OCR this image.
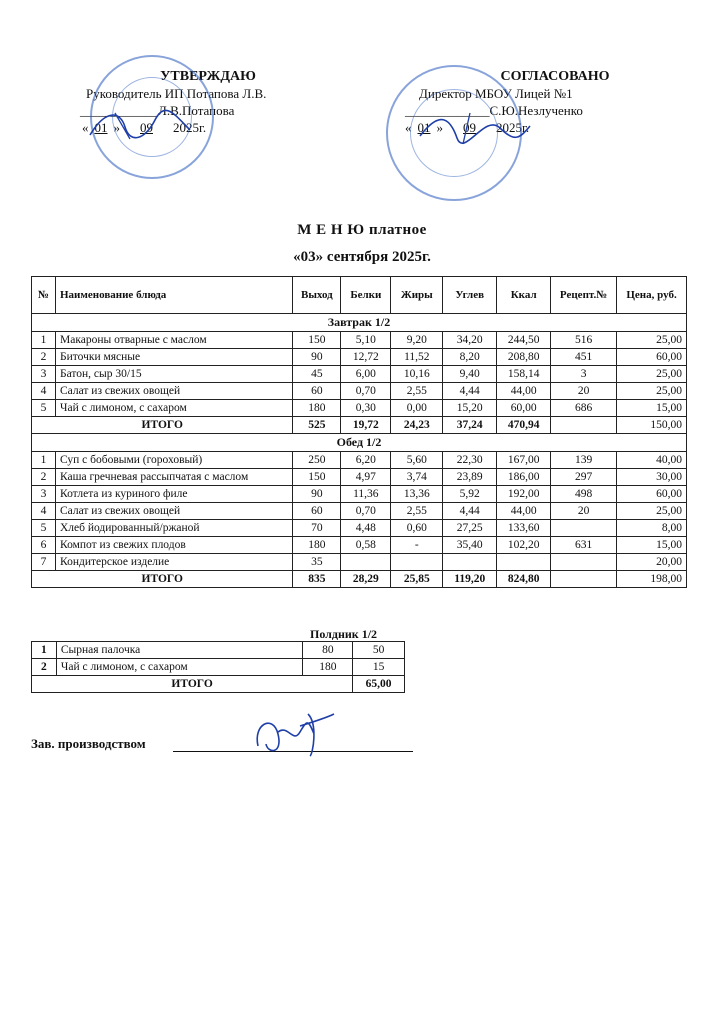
УТВЕРЖДАЮ
Руководитель ИП Потапова Л.В.
____________Л.В.Потапова
« 01 » 09 2025г.
СОГЛАСОВАНО
Директор МБОУ Лицей №1
_____________С.Ю.Незлученко
« 01 » 09 2025г.
М Е Н Ю платное
«03» сентября 2025г.
№	Наименование блюда	Выход	Белки	Жиры	Углев	Ккал	Рецепт.№	Цена, руб.
Завтрак 1/2								
1	Макароны отварные с маслом	150	5,10	9,20	34,20	244,50	516	25,00
2	Биточки мясные	90	12,72	11,52	8,20	208,80	451	60,00
3	Батон, сыр 30/15	45	6,00	10,16	9,40	158,14	3	25,00
4	Салат из свежих овощей	60	0,70	2,55	4,44	44,00	20	25,00
5	Чай с лимоном, с сахаром	180	0,30	0,00	15,20	60,00	686	15,00
ИТОГО		525	19,72	24,23	37,24	470,94		150,00
Обед 1/2								
1	Суп с бобовыми (гороховый)	250	6,20	5,60	22,30	167,00	139	40,00
2	Каша гречневая рассыпчатая с маслом	150	4,97	3,74	23,89	186,00	297	30,00
3	Котлета из куриного филе	90	11,36	13,36	5,92	192,00	498	60,00
4	Салат из свежих овощей	60	0,70	2,55	4,44	44,00	20	25,00
5	Хлеб йодированный/ржаной	70	4,48	0,60	27,25	133,60		8,00
6	Компот из свежих плодов	180	0,58	-	35,40	102,20	631	15,00
7	Кондитерское изделие	35						20,00
ИТОГО		835	28,29	25,85	119,20	824,80		198,00
Полдник 1/2
1	Сырная палочка	80	50
2	Чай с лимоном, с сахаром	180	15
ИТОГО			65,00
Зав. производством
